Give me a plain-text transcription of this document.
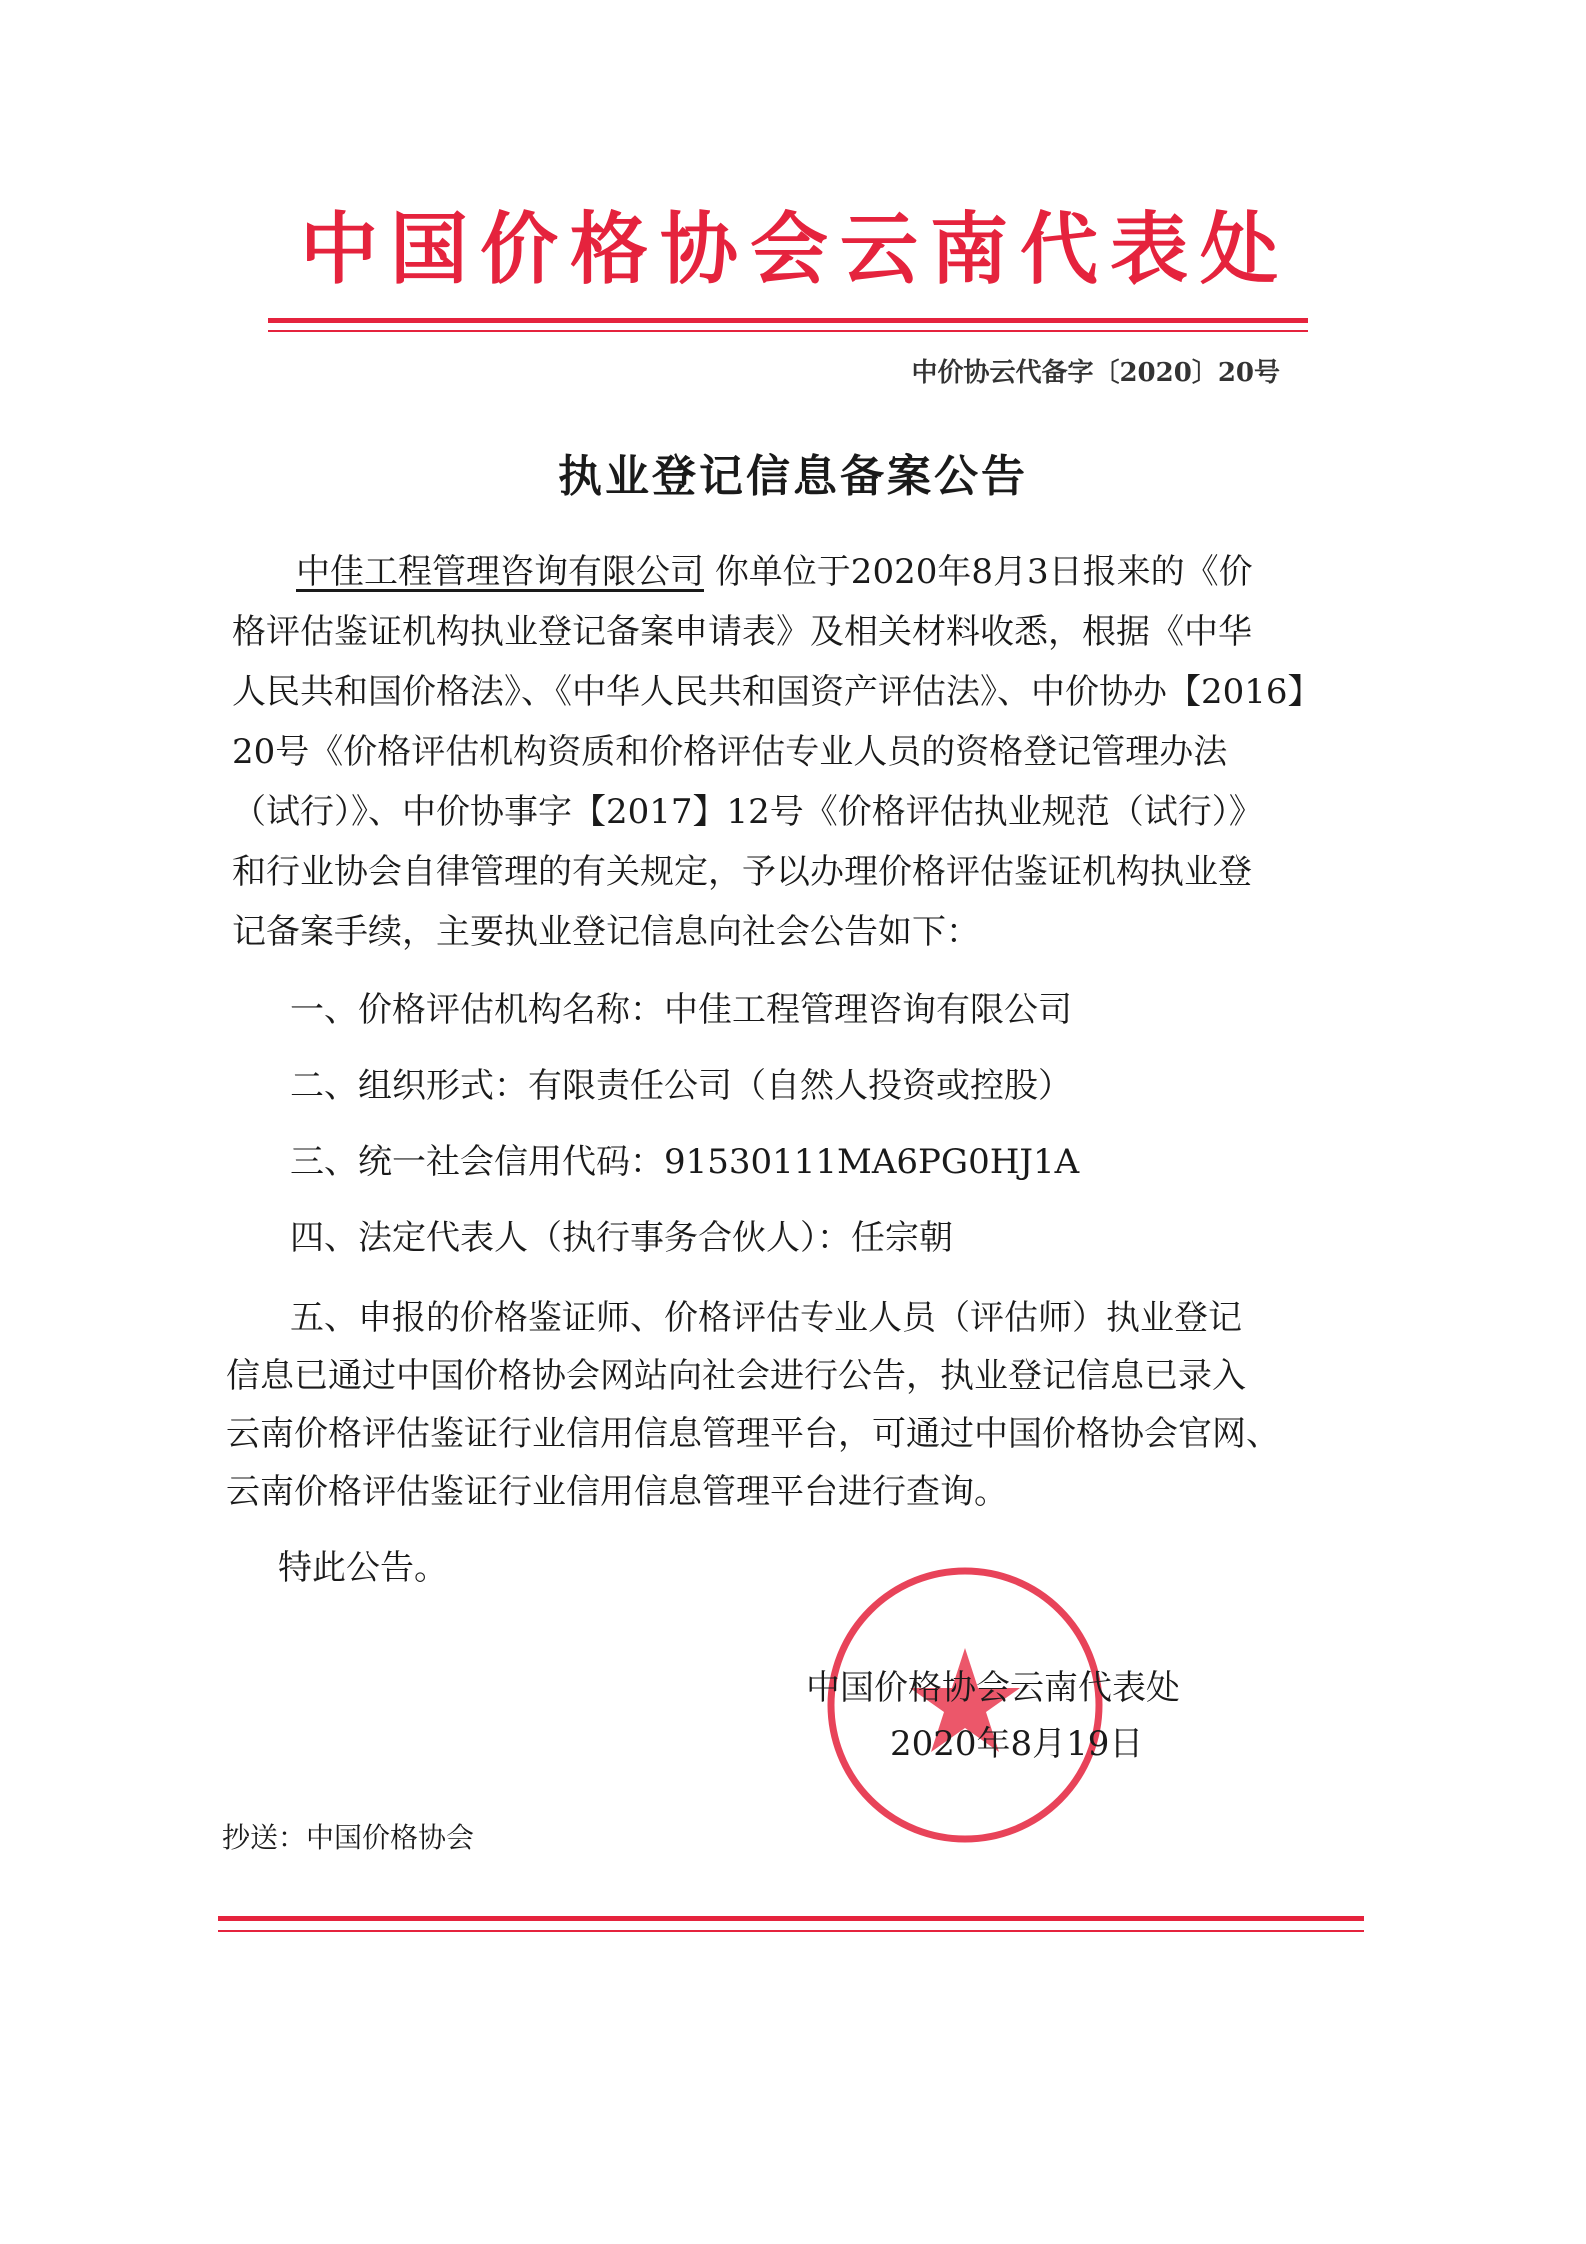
中国价格协会云南代表处
中价协云代备字〔2020〕20号
执业登记信息备案公告
中佳工程管理咨询有限公司 你单位于2020年8月3日报来的《价
格评估鉴证机构执业登记备案申请表》及相关材料收悉，根据《中华
人民共和国价格法》、《中华人民共和国资产评估法》、中价协办【2016】
20号《价格评估机构资质和价格评估专业人员的资格登记管理办法
（试行）》、中价协事字【2017】12号《价格评估执业规范（试行）》
和行业协会自律管理的有关规定，予以办理价格评估鉴证机构执业登
记备案手续，主要执业登记信息向社会公告如下：
一、价格评估机构名称：中佳工程管理咨询有限公司
二、组织形式：有限责任公司（自然人投资或控股）
三、统一社会信用代码：91530111MA6PG0HJ1A
四、法定代表人（执行事务合伙人）：任宗朝
五、申报的价格鉴证师、价格评估专业人员（评估师）执业登记
信息已通过中国价格协会网站向社会进行公告，执业登记信息已录入
云南价格评估鉴证行业信用信息管理平台，可通过中国价格协会官网、
云南价格评估鉴证行业信用信息管理平台进行查询。
特此公告。
中国价格协会云南代表处
2020年8月19日
抄送：中国价格协会
